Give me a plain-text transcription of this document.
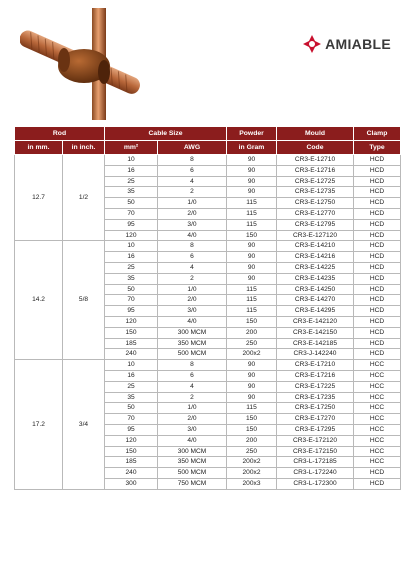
AMIABLE
Rod		Cable Size		Powder	Mould	Clamp
in mm.	in inch.	mm²	AWG	in Gram	Code	Type
12.7	1/2	10	8	90	CR3-E-12710	HCD
		16	6	90	CR3-E-12716	HCD
		25	4	90	CR3-E-12725	HCD
		35	2	90	CR3-E-12735	HCD
		50	1/0	115	CR3-E-12750	HCD
		70	2/0	115	CR3-E-12770	HCD
		95	3/0	115	CR3-E-12795	HCD
		120	4/0	150	CR3-E-127120	HCD
14.2	5/8	10	8	90	CR3-E-14210	HCD
		16	6	90	CR3-E-14216	HCD
		25	4	90	CR3-E-14225	HCD
		35	2	90	CR3-E-14235	HCD
		50	1/0	115	CR3-E-14250	HCD
		70	2/0	115	CR3-E-14270	HCD
		95	3/0	115	CR3-E-14295	HCD
		120	4/0	150	CR3-E-142120	HCD
		150	300 MCM	200	CR3-E-142150	HCD
		185	350 MCM	250	CR3-E-142185	HCD
		240	500 MCM	200x2	CR3-J-142240	HCD
17.2	3/4	10	8	90	CR3-E-17210	HCC
		16	6	90	CR3-E-17216	HCC
		25	4	90	CR3-E-17225	HCC
		35	2	90	CR3-E-17235	HCC
		50	1/0	115	CR3-E-17250	HCC
		70	2/0	150	CR3-E-17270	HCC
		95	3/0	150	CR3-E-17295	HCC
		120	4/0	200	CR3-E-172120	HCC
		150	300 MCM	250	CR3-E-172150	HCC
		185	350 MCM	200x2	CR3-L-172185	HCC
		240	500 MCM	200x2	CR3-L-172240	HCD
		300	750 MCM	200x3	CR3-L-172300	HCD
